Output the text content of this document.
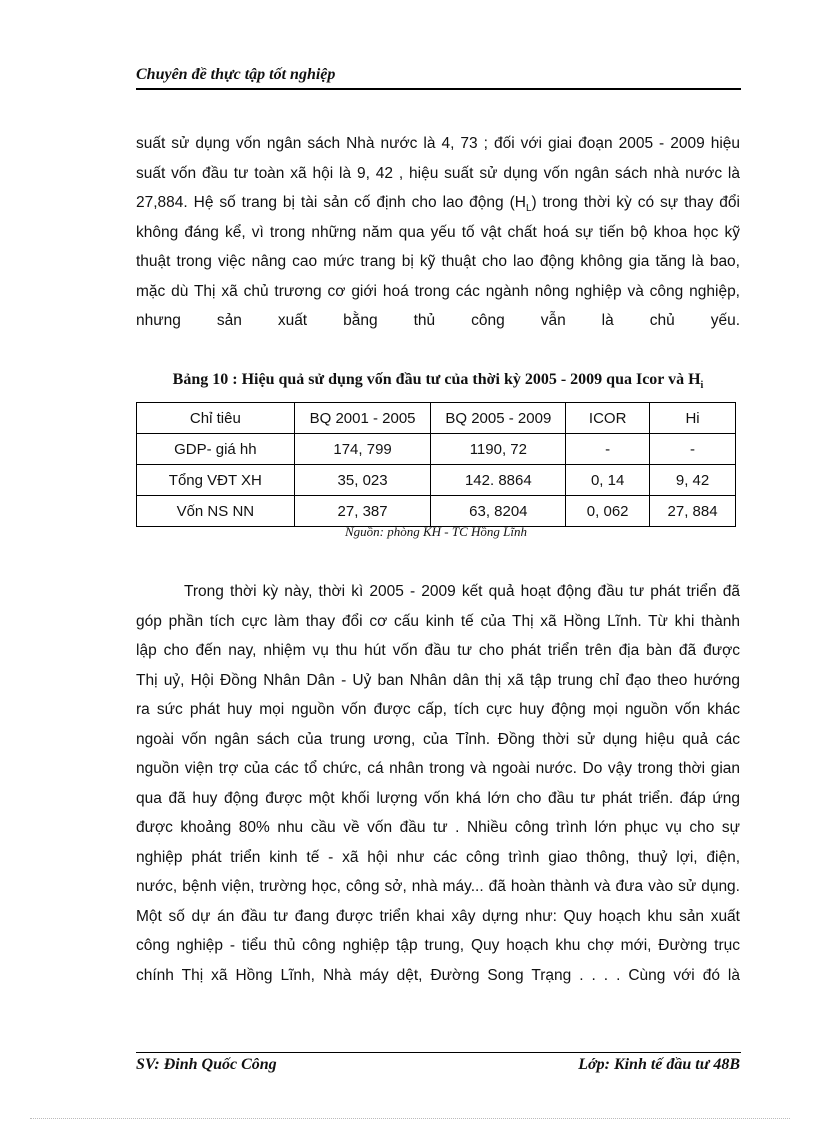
Chuyên đề thực tập tốt nghiệp
suất sử dụng vốn ngân sách Nhà nước là 4, 73 ; đối với giai đoạn 2005 - 2009 hiệu
suất vốn đầu tư toàn xã hội là 9, 42 , hiệu suất sử dụng vốn ngân sách nhà nước là
27,884. Hệ số trang bị tài sản cố định cho lao động $(H_L)$ trong thời kỳ có sự thay đổi
không đáng kể, vì trong những năm qua yếu tố vật chất hoá sự tiến bộ khoa học kỹ
thuật trong việc nâng cao mức trang bị kỹ thuật cho lao động không gia tăng là bao,
mặc dù Thị xã chủ trương cơ giới hoá trong các ngành nông nghiệp và công nghiệp,
nhưng sản xuất bằng thủ công vẫn là chủ yếu.
Bảng 10 : Hiệu quả sử dụng vốn đầu tư của thời kỳ 2005 - 2009 qua Icor và $H_i$
Chỉ tiêu	BQ 2001 - 2005	BQ 2005 - 2009	ICOR	Hi
GDP- giá hh	174, 799	1190, 72	-	-
Tổng VĐT XH	35, 023	142. 8864	0, 14	9, 42
Vốn NS NN	27, 387	63, 8204	0, 062	27, 884
Nguồn: phòng KH - TC Hồng Lĩnh
Trong thời kỳ này, thời kì 2005 - 2009 kết quả hoạt động đầu tư phát triển đã
góp phần tích cực làm thay đổi cơ cấu kinh tế của Thị xã Hồng Lĩnh. Từ khi thành
lập cho đến nay, nhiệm vụ thu hút vốn đầu tư cho phát triển trên địa bàn đã được
Thị uỷ, Hội Đồng Nhân Dân - Uỷ ban Nhân dân thị xã tập trung chỉ đạo theo hướng
ra sức phát huy mọi nguồn vốn được cấp, tích cực huy động mọi nguồn vốn khác
ngoài vốn ngân sách của trung ương, của Tỉnh. Đồng thời sử dụng hiệu quả các
nguồn viện trợ của các tổ chức, cá nhân trong và ngoài nước. Do vậy trong thời gian
qua đã huy động được một khối lượng vốn khá lớn cho đầu tư phát triển. đáp ứng
được khoảng 80% nhu cầu về vốn đầu tư . Nhiều công trình lớn phục vụ cho sự
nghiệp phát triển kinh tế - xã hội như các công trình giao thông, thuỷ lợi, điện,
nước, bệnh viện, trường học, công sở, nhà máy... đã hoàn thành và đưa vào sử dụng.
Một số dự án đầu tư đang được triển khai xây dựng như: Quy hoạch khu sản xuất
công nghiệp - tiểu thủ công nghiệp tập trung, Quy hoạch khu chợ mới, Đường trục
chính Thị xã Hồng Lĩnh, Nhà máy dệt, Đường Song Trạng . . . . Cùng với đó là
SV: Đinh Quốc Công	Lớp: Kinh tế đầu tư 48B
